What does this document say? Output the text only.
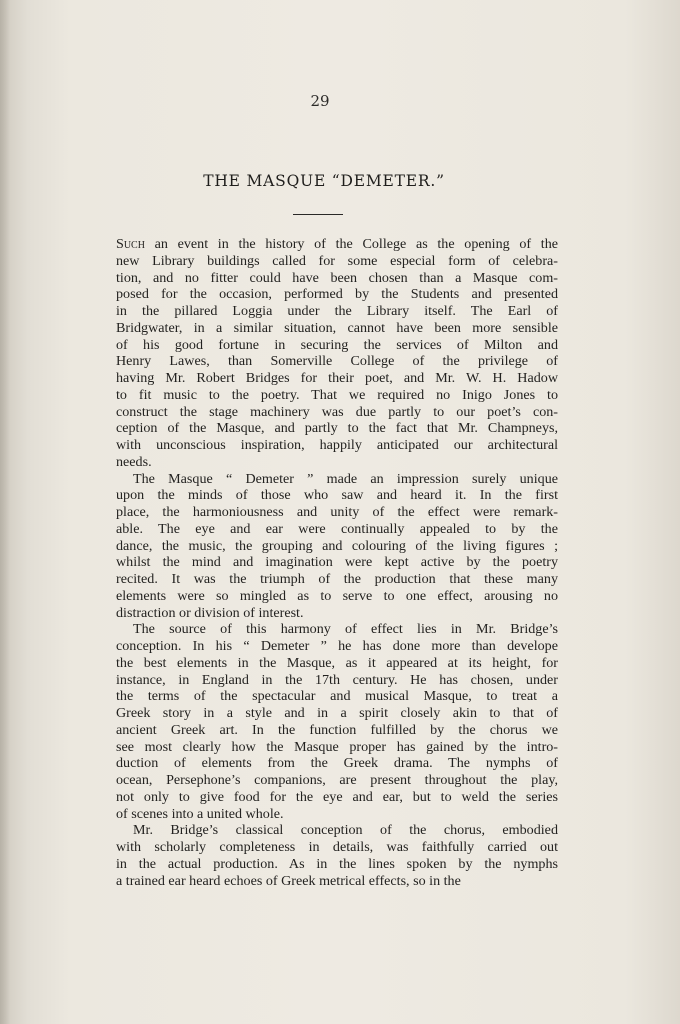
29
THE MASQUE “DEMETER.”
Such an event in the history of the College as the opening of the
new Library buildings called for some especial form of celebra-
tion, and no fitter could have been chosen than a Masque com-
posed for the occasion, performed by the Students and presented
in the pillared Loggia under the Library itself. The Earl of
Bridgwater, in a similar situation, cannot have been more sensible
of his good fortune in securing the services of Milton and
Henry Lawes, than Somerville College of the privilege of
having Mr. Robert Bridges for their poet, and Mr. W. H. Hadow
to fit music to the poetry. That we required no Inigo Jones to
construct the stage machinery was due partly to our poet’s con-
ception of the Masque, and partly to the fact that Mr. Champneys,
with unconscious inspiration, happily anticipated our architectural
needs.
The Masque “ Demeter ” made an impression surely unique
upon the minds of those who saw and heard it. In the first
place, the harmoniousness and unity of the effect were remark-
able. The eye and ear were continually appealed to by the
dance, the music, the grouping and colouring of the living figures ;
whilst the mind and imagination were kept active by the poetry
recited. It was the triumph of the production that these many
elements were so mingled as to serve to one effect, arousing no
distraction or division of interest.
The source of this harmony of effect lies in Mr. Bridge’s
conception. In his “ Demeter ” he has done more than develope
the best elements in the Masque, as it appeared at its height, for
instance, in England in the 17th century. He has chosen, under
the terms of the spectacular and musical Masque, to treat a
Greek story in a style and in a spirit closely akin to that of
ancient Greek art. In the function fulfilled by the chorus we
see most clearly how the Masque proper has gained by the intro-
duction of elements from the Greek drama. The nymphs of
ocean, Persephone’s companions, are present throughout the play,
not only to give food for the eye and ear, but to weld the series
of scenes into a united whole.
Mr. Bridge’s classical conception of the chorus, embodied
with scholarly completeness in details, was faithfully carried out
in the actual production. As in the lines spoken by the nymphs
a trained ear heard echoes of Greek metrical effects, so in the
